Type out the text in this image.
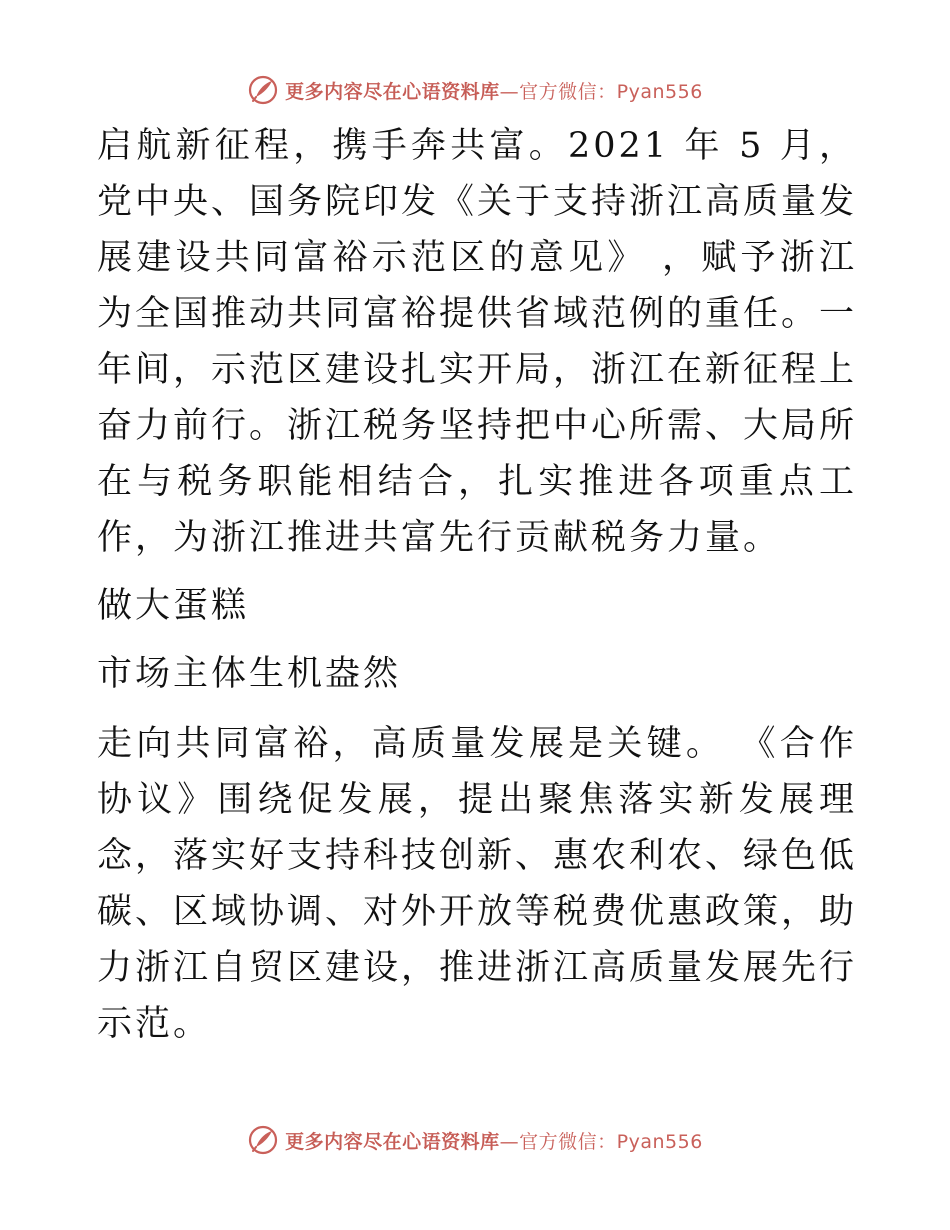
更多内容尽在心语资料库—官方微信：Pyan556

启航新征程，携手奔共富。2021 年 5 月，党中央、国务院印发《关于支持浙江高质量发展建设共同富裕示范区的意见》 ，赋予浙江为全国推动共同富裕提供省域范例的重任。一年间，示范区建设扎实开局，浙江在新征程上奋力前行。浙江税务坚持把中心所需、大局所在与税务职能相结合，扎实推进各项重点工作，为浙江推进共富先行贡献税务力量。

做大蛋糕

市场主体生机盎然

走向共同富裕，高质量发展是关键。 《合作协议》围绕促发展，提出聚焦落实新发展理念，落实好支持科技创新、惠农利农、绿色低碳、区域协调、对外开放等税费优惠政策，助力浙江自贸区建设，推进浙江高质量发展先行示范。

更多内容尽在心语资料库—官方微信：Pyan556
